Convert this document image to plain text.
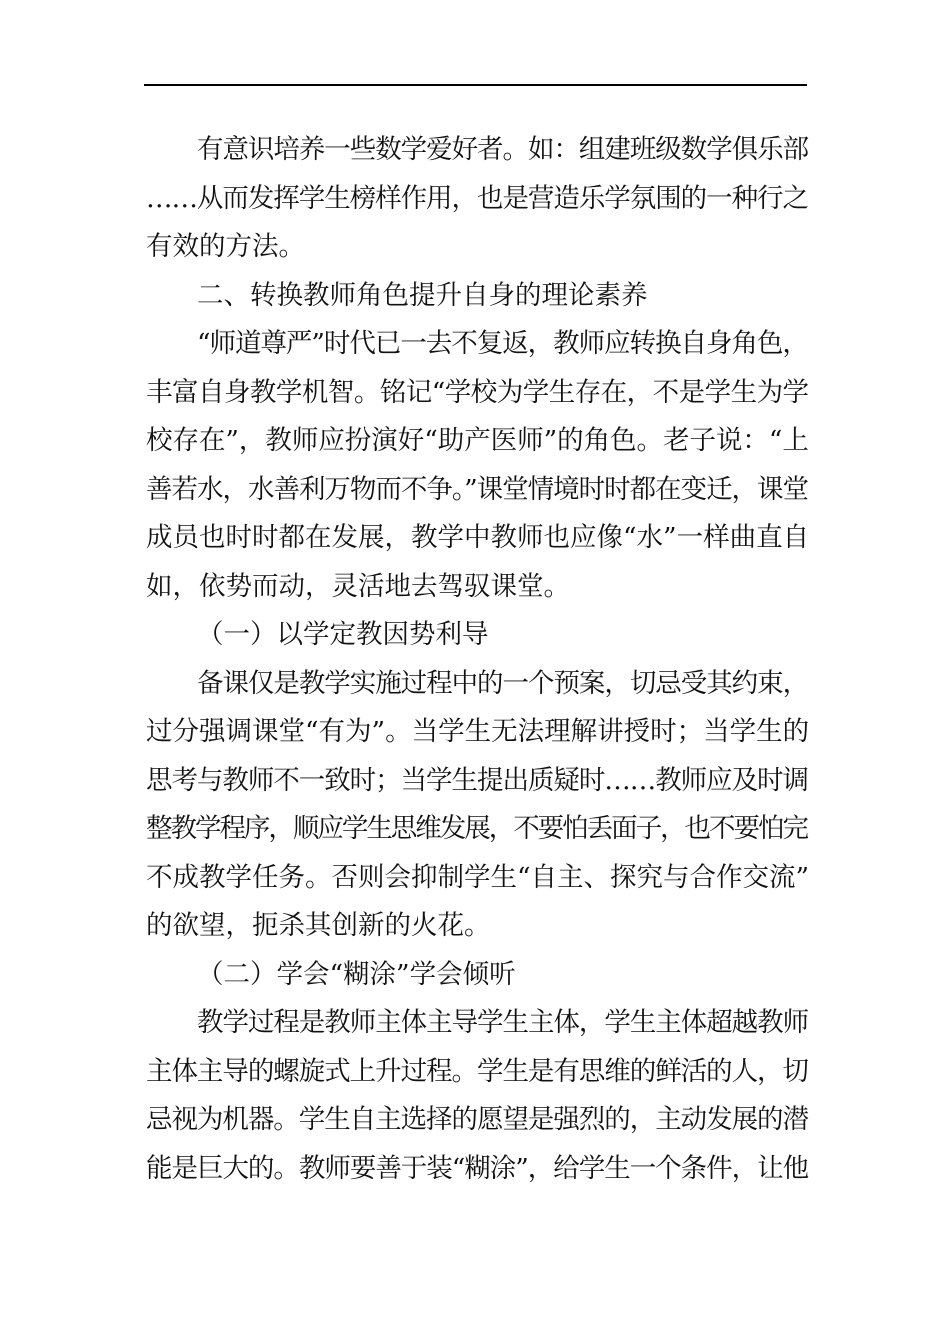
有意识培养一些数学爱好者。如：组建班级数学俱乐部
……从而发挥学生榜样作用，也是营造乐学氛围的一种行之
有效的方法。
二、转换教师角色提升自身的理论素养
“师道尊严”时代已一去不复返，教师应转换自身角色，
丰富自身教学机智。铭记“学校为学生存在，不是学生为学
校存在”，教师应扮演好“助产医师”的角色。老子说：“上
善若水，水善利万物而不争。”课堂情境时时都在变迁，课堂
成员也时时都在发展，教学中教师也应像“水”一样曲直自
如，依势而动，灵活地去驾驭课堂。
（一）以学定教因势利导
备课仅是教学实施过程中的一个预案，切忌受其约束，
过分强调课堂“有为”。当学生无法理解讲授时；当学生的
思考与教师不一致时；当学生提出质疑时……教师应及时调
整教学程序，顺应学生思维发展，不要怕丢面子，也不要怕完
不成教学任务。否则会抑制学生“自主、探究与合作交流”
的欲望，扼杀其创新的火花。
（二）学会“糊涂”学会倾听
教学过程是教师主体主导学生主体，学生主体超越教师
主体主导的螺旋式上升过程。学生是有思维的鲜活的人，切
忌视为机器。学生自主选择的愿望是强烈的，主动发展的潜
能是巨大的。教师要善于装“糊涂”，给学生一个条件，让他
